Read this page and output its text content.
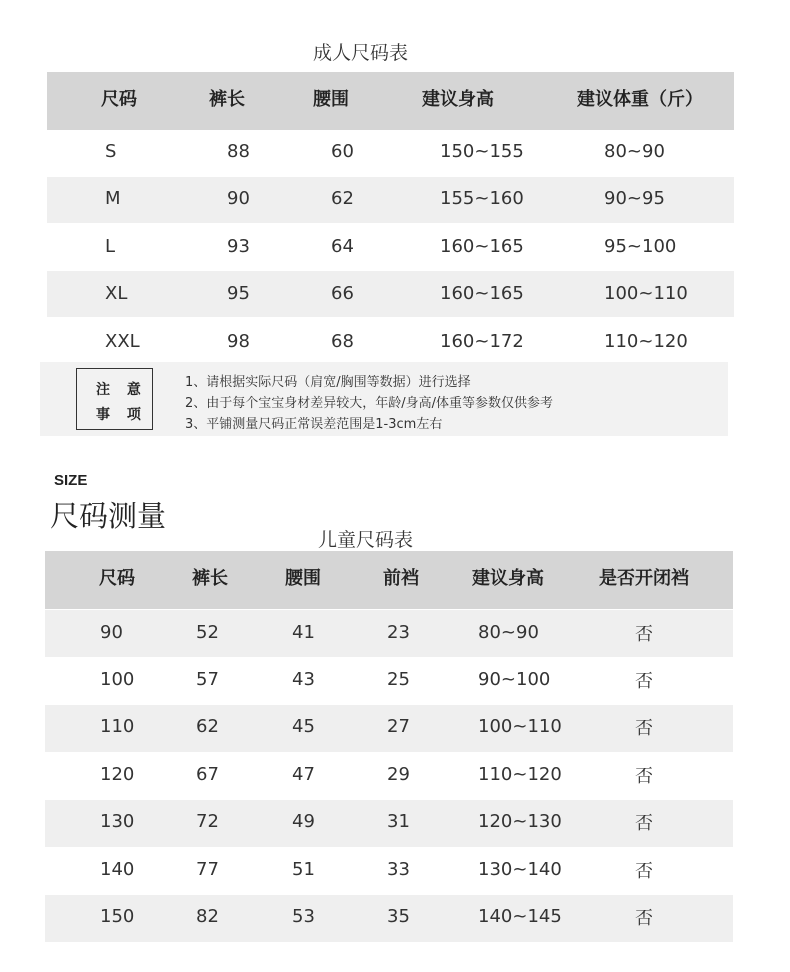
成人尺码表
尺码	裤长	腰围	建议身高	建议体重（斤）
S	88	60	150~155	80~90
M	90	62	155~160	90~95
L	93	64	160~165	95~100
XL	95	66	160~165	100~110
XXL	98	68	160~172	110~120
注 意
事 项
1、请根据实际尺码（肩宽/胸围等数据）进行选择
2、由于每个宝宝身材差异较大，年龄/身高/体重等参数仅供参考
3、平铺测量尺码正常误差范围是1-3cm左右
SIZE
尺码测量
儿童尺码表
尺码	裤长	腰围	前裆	建议身高	是否开闭裆
90	52	41	23	80~90	否
100	57	43	25	90~100	否
110	62	45	27	100~110	否
120	67	47	29	110~120	否
130	72	49	31	120~130	否
140	77	51	33	130~140	否
150	82	53	35	140~145	否
